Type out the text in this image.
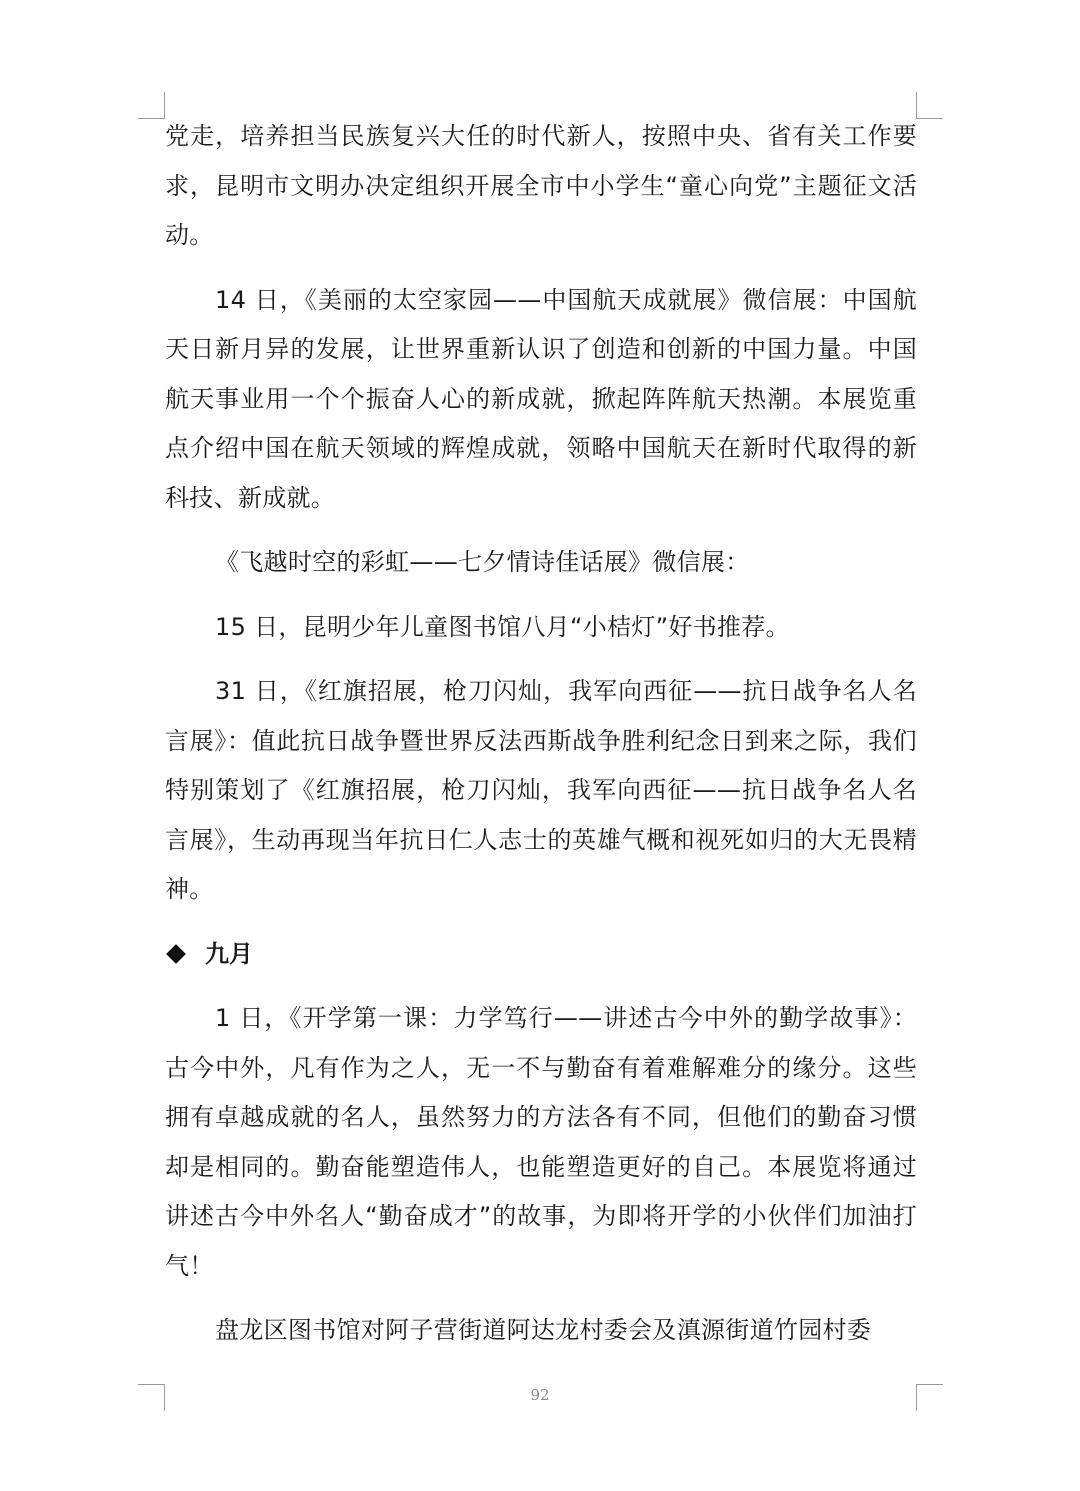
党走，培养担当民族复兴大任的时代新人，按照中央、省有关工作要求，昆明市文明办决定组织开展全市中小学生“童心向党”主题征文活动。

14 日，《美丽的太空家园——中国航天成就展》微信展：中国航天日新月异的发展，让世界重新认识了创造和创新的中国力量。中国航天事业用一个个振奋人心的新成就，掀起阵阵航天热潮。本展览重点介绍中国在航天领域的辉煌成就，领略中国航天在新时代取得的新科技、新成就。

《飞越时空的彩虹——七夕情诗佳话展》微信展：

15 日，昆明少年儿童图书馆八月“小桔灯”好书推荐。

31 日，《红旗招展，枪刀闪灿，我军向西征——抗日战争名人名言展》：值此抗日战争暨世界反法西斯战争胜利纪念日到来之际，我们特别策划了《红旗招展，枪刀闪灿，我军向西征——抗日战争名人名言展》，生动再现当年抗日仁人志士的英雄气概和视死如归的大无畏精神。

九月

1 日，《开学第一课：力学笃行——讲述古今中外的勤学故事》：古今中外，凡有作为之人，无一不与勤奋有着难解难分的缘分。这些拥有卓越成就的名人，虽然努力的方法各有不同，但他们的勤奋习惯却是相同的。勤奋能塑造伟人，也能塑造更好的自己。本展览将通过讲述古今中外名人“勤奋成才”的故事，为即将开学的小伙伴们加油打气！

盘龙区图书馆对阿子营街道阿达龙村委会及滇源街道竹园村委

92
